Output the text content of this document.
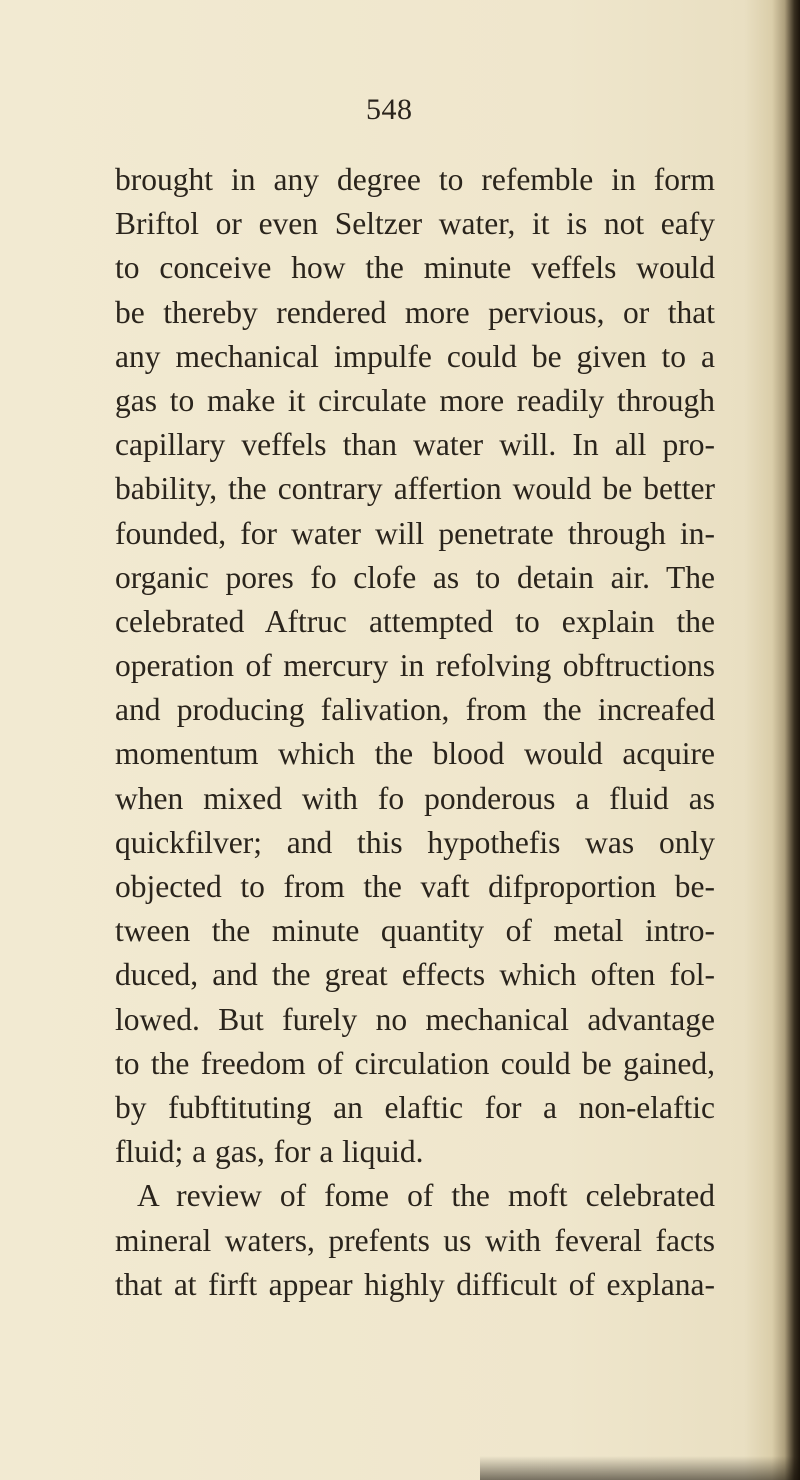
548
brought in any degree to refemble in form
Briftol or even Seltzer water, it is not eafy
to conceive how the minute veffels would
be thereby rendered more pervious, or that
any mechanical impulfe could be given to a
gas to make it circulate more readily through
capillary veffels than water will. In all pro-
bability, the contrary affertion would be better
founded, for water will penetrate through in-
organic pores fo clofe as to detain air. The
celebrated Aftruc attempted to explain the
operation of mercury in refolving obftructions
and producing falivation, from the increafed
momentum which the blood would acquire
when mixed with fo ponderous a fluid as
quickfilver; and this hypothefis was only
objected to from the vaft difproportion be-
tween the minute quantity of metal intro-
duced, and the great effects which often fol-
lowed. But furely no mechanical advantage
to the freedom of circulation could be gained,
by fubftituting an elaftic for a non-elaftic
fluid; a gas, for a liquid.
A review of fome of the moft celebrated
mineral waters, prefents us with feveral facts
that at firft appear highly difficult of explana-
